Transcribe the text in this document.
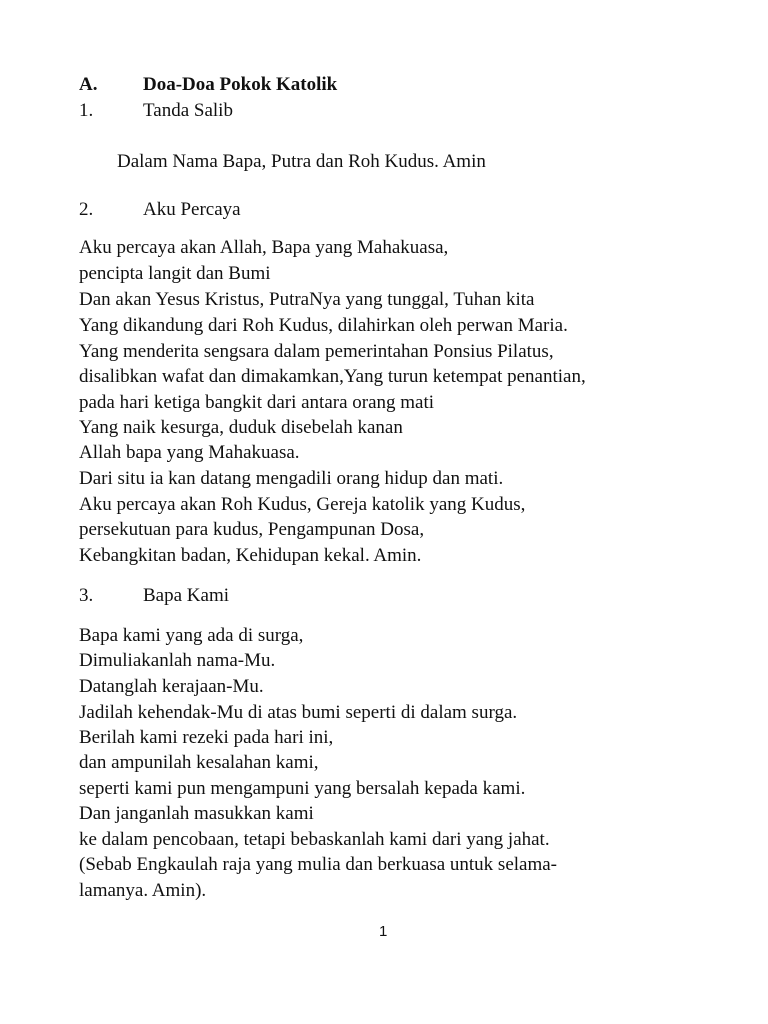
A. Doa-Doa Pokok Katolik
1.	Tanda Salib
Dalam Nama Bapa, Putra dan Roh Kudus. Amin
2.	Aku Percaya
Aku percaya akan Allah, Bapa yang Mahakuasa,
pencipta langit dan Bumi
Dan akan Yesus Kristus, PutraNya yang tunggal, Tuhan kita
Yang dikandung dari Roh Kudus, dilahirkan oleh perwan Maria.
Yang menderita sengsara dalam pemerintahan Ponsius Pilatus,
disalibkan wafat dan dimakamkan,Yang turun ketempat penantian,
pada hari ketiga bangkit dari antara orang mati
Yang naik kesurga, duduk disebelah kanan
Allah bapa yang Mahakuasa.
Dari situ ia kan datang mengadili orang hidup dan mati.
Aku percaya akan Roh Kudus, Gereja katolik yang Kudus,
persekutuan para kudus, Pengampunan Dosa,
Kebangkitan badan, Kehidupan kekal. Amin.
3.	Bapa Kami
Bapa kami yang ada di surga,
Dimuliakanlah nama-Mu.
Datanglah kerajaan-Mu.
Jadilah kehendak-Mu di atas bumi seperti di dalam surga.
Berilah kami rezeki pada hari ini,
dan ampunilah kesalahan kami,
seperti kami pun mengampuni yang bersalah kepada kami.
Dan janganlah masukkan kami
ke dalam pencobaan, tetapi bebaskanlah kami dari yang jahat.
(Sebab Engkaulah raja yang mulia dan berkuasa untuk selama-
lamanya. Amin).
1
